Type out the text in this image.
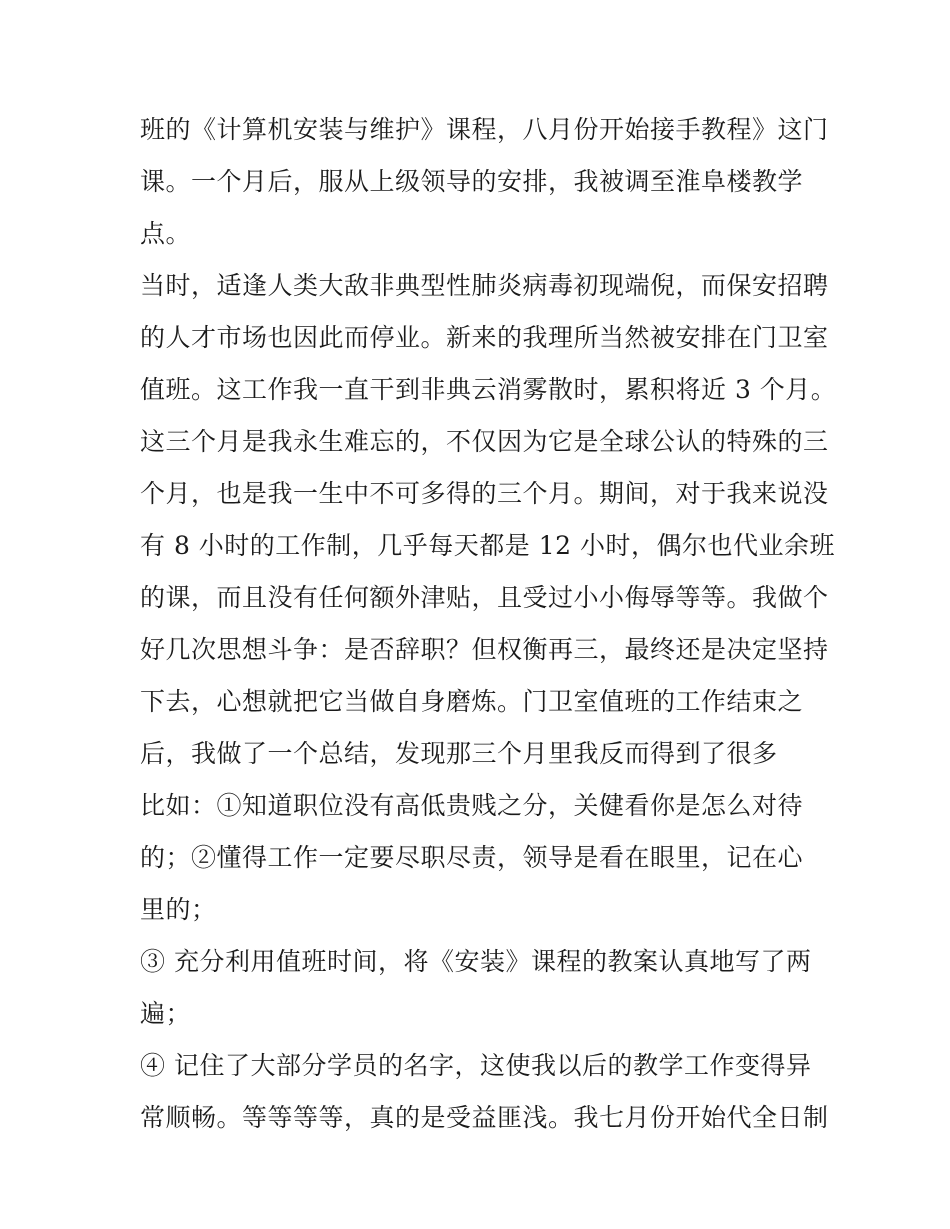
班的《计算机安装与维护》课程，八月份开始接手教程》这门
课。一个月后，服从上级领导的安排，我被调至淮阜楼教学
点。
当时，适逢人类大敌非典型性肺炎病毒初现端倪，而保安招聘
的人才市场也因此而停业。新来的我理所当然被安排在门卫室
值班。这工作我一直干到非典云消雾散时，累积将近 3 个月。
这三个月是我永生难忘的，不仅因为它是全球公认的特殊的三
个月，也是我一生中不可多得的三个月。期间，对于我来说没
有 8 小时的工作制，几乎每天都是 12 小时，偶尔也代业余班
的课，而且没有任何额外津贴，且受过小小侮辱等等。我做个
好几次思想斗争：是否辞职？但权衡再三，最终还是决定坚持
下去，心想就把它当做自身磨炼。门卫室值班的工作结束之
后，我做了一个总结，发现那三个月里我反而得到了很多
比如：①知道职位没有高低贵贱之分，关健看你是怎么对待
的；②懂得工作一定要尽职尽责，领导是看在眼里，记在心
里的；
③ 充分利用值班时间，将《安装》课程的教案认真地写了两
遍；
④ 记住了大部分学员的名字，这使我以后的教学工作变得异
常顺畅。等等等等，真的是受益匪浅。我七月份开始代全日制
